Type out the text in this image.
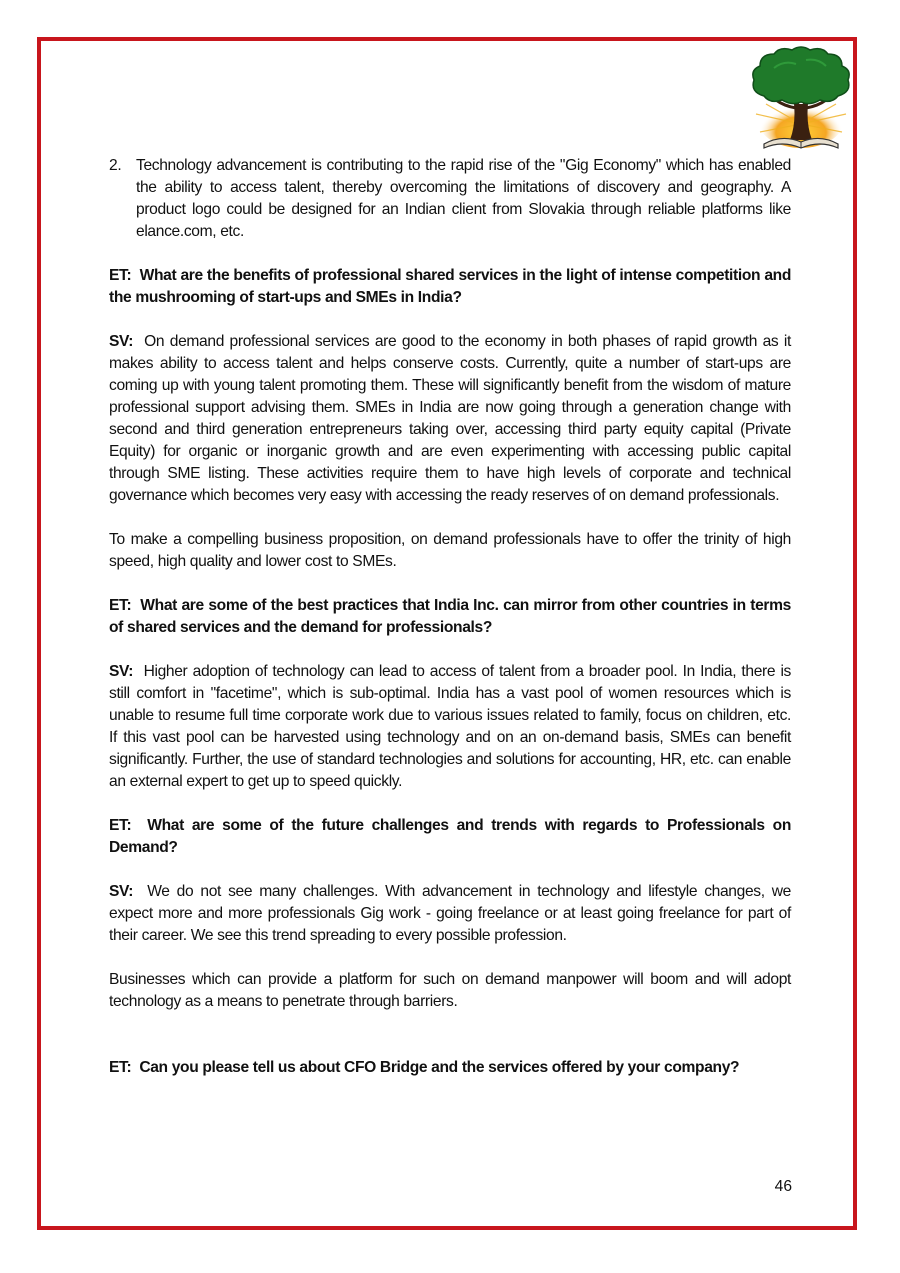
2. Technology advancement is contributing to the rapid rise of the "Gig Economy" which has enabled the ability to access talent, thereby overcoming the limitations of discovery and geography. A product logo could be designed for an Indian client from Slovakia through reliable platforms like elance.com, etc.

ET: What are the benefits of professional shared services in the light of intense competition and the mushrooming of start-ups and SMEs in India?

SV: On demand professional services are good to the economy in both phases of rapid growth as it makes ability to access talent and helps conserve costs. Currently, quite a number of start-ups are coming up with young talent promoting them. These will significantly benefit from the wisdom of mature professional support advising them. SMEs in India are now going through a generation change with second and third generation entrepreneurs taking over, accessing third party equity capital (Private Equity) for organic or inorganic growth and are even experimenting with accessing public capital through SME listing. These activities require them to have high levels of corporate and technical governance which becomes very easy with accessing the ready reserves of on demand professionals.

To make a compelling business proposition, on demand professionals have to offer the trinity of high speed, high quality and lower cost to SMEs.

ET: What are some of the best practices that India Inc. can mirror from other countries in terms of shared services and the demand for professionals?

SV: Higher adoption of technology can lead to access of talent from a broader pool. In India, there is still comfort in "facetime", which is sub-optimal. India has a vast pool of women resources which is unable to resume full time corporate work due to various issues related to family, focus on children, etc. If this vast pool can be harvested using technology and on an on-demand basis, SMEs can benefit significantly. Further, the use of standard technologies and solutions for accounting, HR, etc. can enable an external expert to get up to speed quickly.

ET: What are some of the future challenges and trends with regards to Professionals on Demand?

SV: We do not see many challenges. With advancement in technology and lifestyle changes, we expect more and more professionals Gig work - going freelance or at least going freelance for part of their career. We see this trend spreading to every possible profession.

Businesses which can provide a platform for such on demand manpower will boom and will adopt technology as a means to penetrate through barriers.

ET: Can you please tell us about CFO Bridge and the services offered by your company?

46
